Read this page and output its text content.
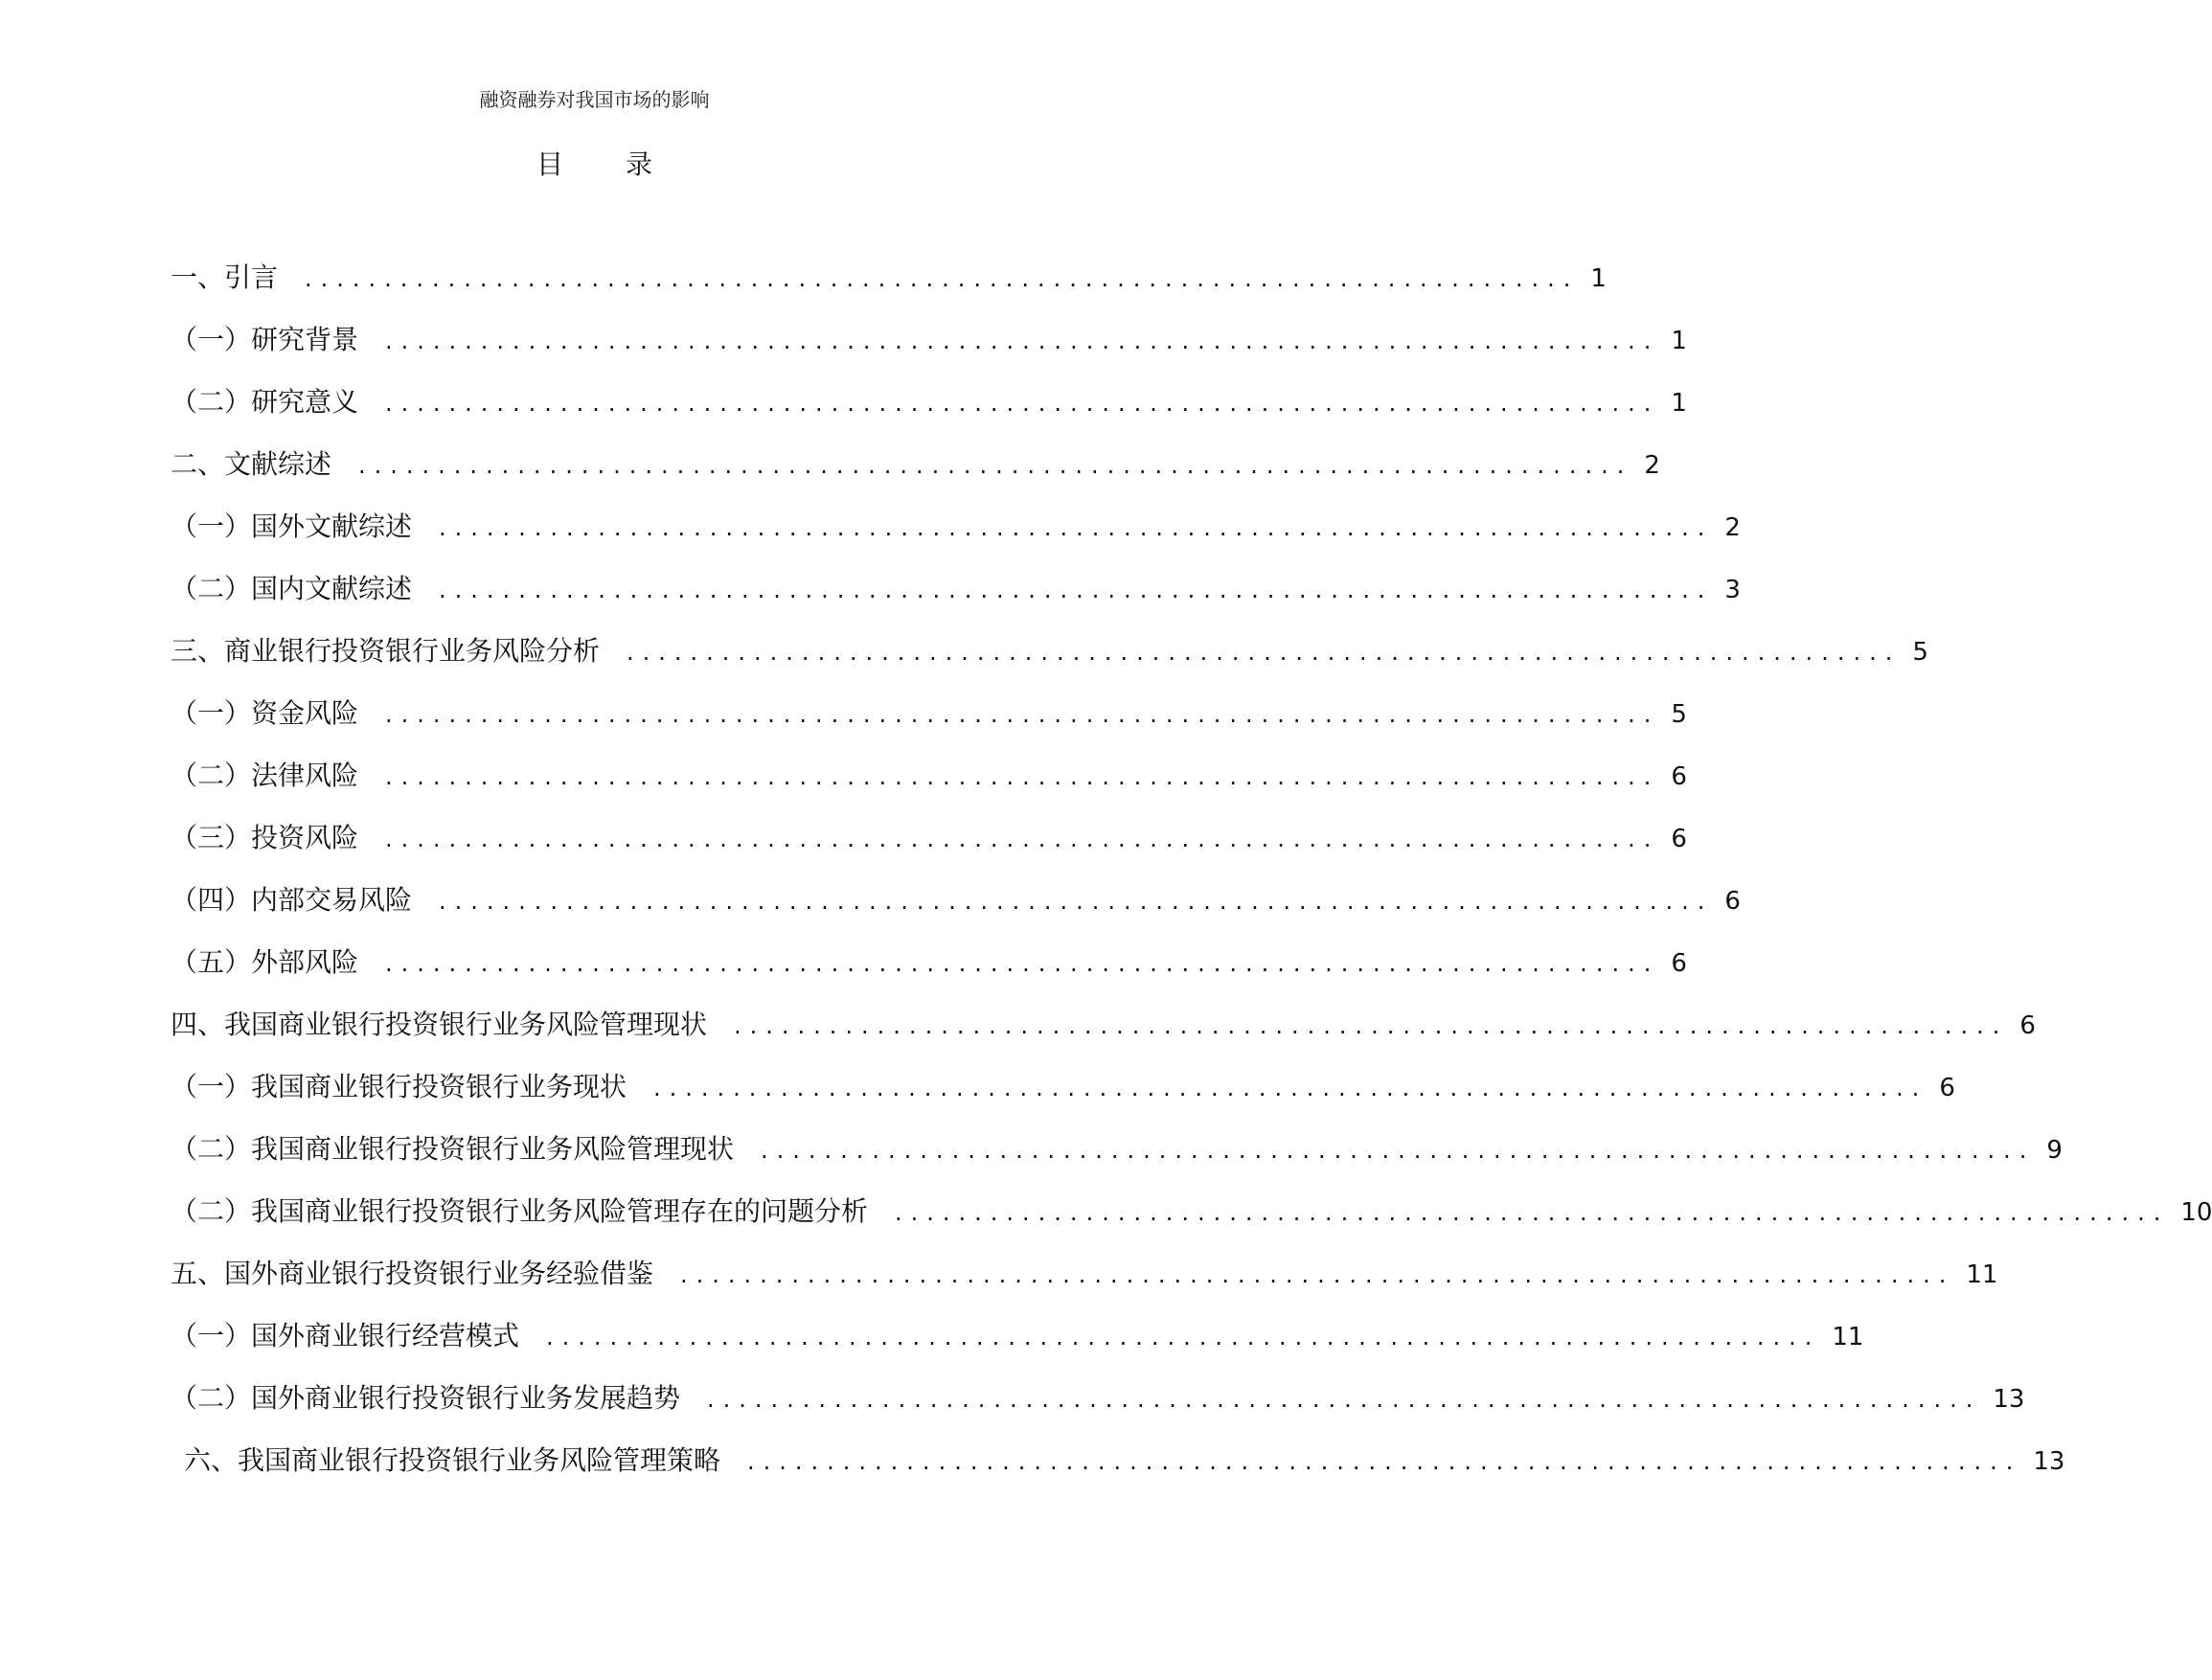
融资融券对我国市场的影响
目 录
一、引言 ................................................................................ 1
（一）研究背景 ................................................................................ 1
（二）研究意义 ................................................................................ 1
二、文献综述 ................................................................................ 2
（一）国外文献综述 ................................................................................ 2
（二）国内文献综述 ................................................................................ 3
三、商业银行投资银行业务风险分析 ................................................................................ 5
（一）资金风险 ................................................................................ 5
（二）法律风险 ................................................................................ 6
（三）投资风险 ................................................................................ 6
（四）内部交易风险 ................................................................................ 6
（五）外部风险 ................................................................................ 6
四、我国商业银行投资银行业务风险管理现状 ................................................................................ 6
（一）我国商业银行投资银行业务现状 ................................................................................ 6
（二）我国商业银行投资银行业务风险管理现状 ................................................................................ 9
（二）我国商业银行投资银行业务风险管理存在的问题分析 ................................................................................ 10
五、国外商业银行投资银行业务经验借鉴 ................................................................................ 11
（一）国外商业银行经营模式 ................................................................................ 11
（二）国外商业银行投资银行业务发展趋势 ................................................................................ 13
六、我国商业银行投资银行业务风险管理策略 ................................................................................ 13
